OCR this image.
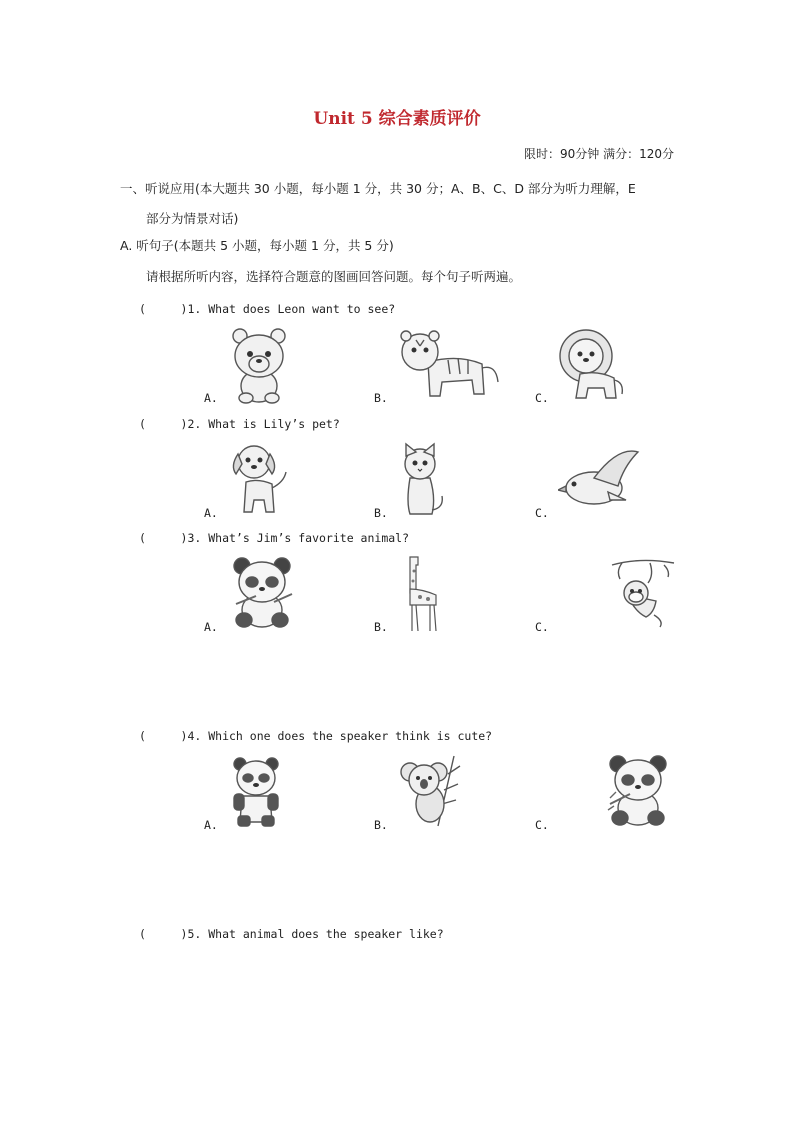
Unit 5 综合素质评价
限时：90分钟 满分：120分
一、听说应用(本大题共 30 小题，每小题 1 分，共 30 分；A、B、C、D 部分为听力理解，E
部分为情景对话)
A. 听句子(本题共 5 小题，每小题 1 分，共 5 分)
请根据所听内容，选择符合题意的图画回答问题。每个句子听两遍。
(     )1. What does Leon want to see?
A.	B.	C.
(     )2. What is Lily’s pet?
A.	B.	C.
(     )3. What’s Jim’s favorite animal?
A.	B.	C.
(     )4. Which one does the speaker think is cute?
A.	B.	C.
(     )5. What animal does the speaker like?
